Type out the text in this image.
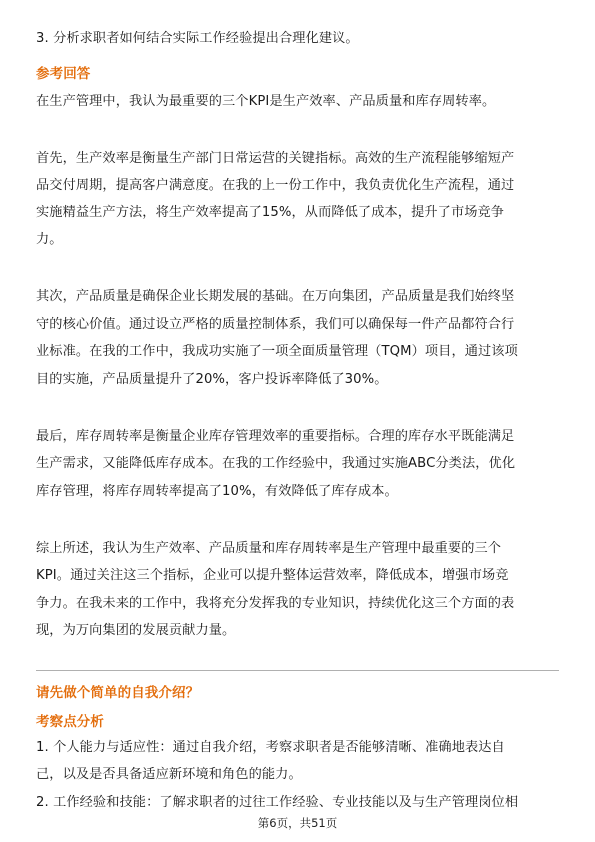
3. 分析求职者如何结合实际工作经验提出合理化建议。
参考回答
在生产管理中，我认为最重要的三个KPI是生产效率、产品质量和库存周转率。
首先，生产效率是衡量生产部门日常运营的关键指标。高效的生产流程能够缩短产
品交付周期，提高客户满意度。在我的上一份工作中，我负责优化生产流程，通过
实施精益生产方法，将生产效率提高了15%，从而降低了成本，提升了市场竞争
力。
其次，产品质量是确保企业长期发展的基础。在万向集团，产品质量是我们始终坚
守的核心价值。通过设立严格的质量控制体系，我们可以确保每一件产品都符合行
业标准。在我的工作中，我成功实施了一项全面质量管理（TQM）项目，通过该项
目的实施，产品质量提升了20%，客户投诉率降低了30%。
最后，库存周转率是衡量企业库存管理效率的重要指标。合理的库存水平既能满足
生产需求，又能降低库存成本。在我的工作经验中，我通过实施ABC分类法，优化
库存管理，将库存周转率提高了10%，有效降低了库存成本。
综上所述，我认为生产效率、产品质量和库存周转率是生产管理中最重要的三个
KPI。通过关注这三个指标，企业可以提升整体运营效率，降低成本，增强市场竞
争力。在我未来的工作中，我将充分发挥我的专业知识，持续优化这三个方面的表
现，为万向集团的发展贡献力量。
请先做个简单的自我介绍？
考察点分析
1. 个人能力与适应性：通过自我介绍，考察求职者是否能够清晰、准确地表达自
己，以及是否具备适应新环境和角色的能力。
2. 工作经验和技能：了解求职者的过往工作经验、专业技能以及与生产管理岗位相
第6页，共51页
